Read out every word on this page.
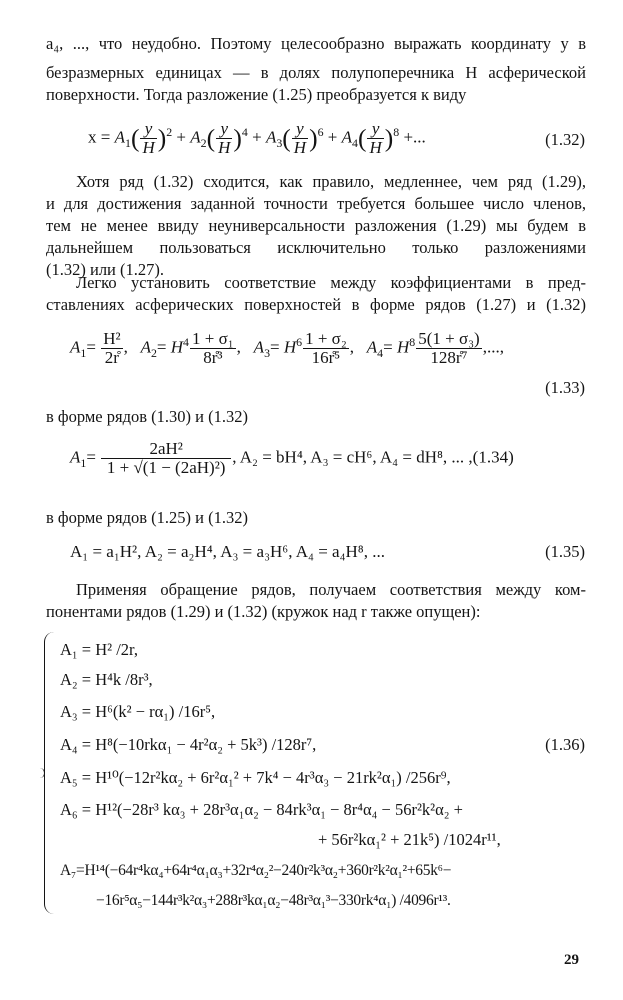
a₄, ..., что неудобно. Поэтому целесообразно выражать координату y в
безразмерных единицах — в долях полупоперечника H асферической
поверхности. Тогда разложение (1.25) преобразуется к виду
$x = A_1( \frac{y}{H} )^2 + A_2( \frac{y}{H} )^4 + A_3( \frac{y}{H} )^6 + A_4( \frac{y}{H} )^8$ +...	(1.32)
Хотя ряд (1.32) сходится, как правило, медленнее, чем ряд (1.29),
и для достижения заданной точности требуется большее число членов,
тем не менее ввиду неуниверсальности разложения (1.29) мы будем в
дальнейшем пользоваться исключительно только разложениями
(1.32) или (1.27).
Легко установить соответствие между коэффициентами в пред-
ставлениях асферических поверхностей в форме рядов (1.27) и (1.32)
$A_1= \frac{\text{H²}}{2r̊}$ ,   $A_2= H^4 \frac{\text{1 + σ₁}}{\text{8r̊³}}$ ,   $A_3= H^6 \frac{\text{1 + σ₂}}{\text{16r̊⁵}}$ ,   $A_4= H^8 \frac{\text{5(1 + σ₃)}}{\text{128r̊⁷}}$ ,...,
(1.33)
в форме рядов (1.30) и (1.32)
$A_1= \frac{\text{2aH²}}{\text{1 + √(1 − (2aH)²)}}$ , A₂ = bH⁴, A₃ = cH⁶, A₄ = dH⁸, ... ,(1.34)
в форме рядов (1.25) и (1.32)
A₁ = a₁H², A₂ = a₂H⁴, A₃ = a₃H⁶, A₄ = a₄H⁸, ...	(1.35)
Применяя обращение рядов, получаем соответствия между ком-
понентами рядов (1.29) и (1.32) (кружок над r также опущен):
A₁ = H² /2r,
A₂ = H⁴k /8r³,
A₃ = H⁶(k² − rα₁) /16r⁵,
A₄ = H⁸(−10rkα₁ − 4r²α₂ + 5k³) /128r⁷,	(1.36)
A₅ = H¹⁰(−12r²kα₂ + 6r²α₁² + 7k⁴ − 4r³α₃ − 21rk²α₁) /256r⁹,
A₆ = H¹²(−28r³ kα₃ + 28r³α₁α₂ − 84rk³α₁ − 8r⁴α₄ − 56r²k²α₂ +
+ 56r²kα₁² + 21k⁵) /1024r¹¹,
A₇=H¹⁴(−64r⁴kα₄+64r⁴α₁α₃+32r⁴α₂²−240r²k³α₂+360r²k²α₁²+65k⁶−
−16r⁵α₅−144r³k²α₃+288r³kα₁α₂−48r³α₁³−330rk⁴α₁) /4096r¹³.
29
